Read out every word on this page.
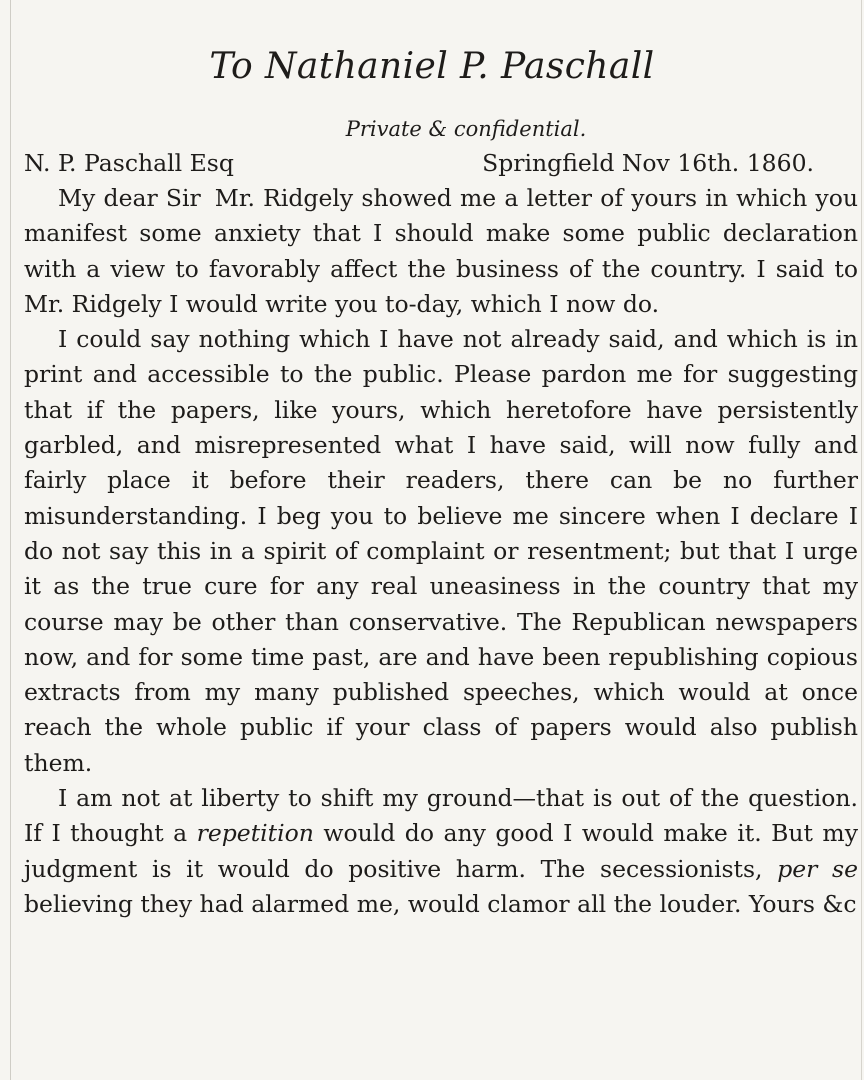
To Nathaniel P. Paschall
Private & confidential.
N. P. Paschall Esq	Springfield Nov 16th. 1860.

My dear Sir Mr. Ridgely showed me a letter of yours in which you manifest some anxiety that I should make some public declaration with a view to favorably affect the business of the country. I said to Mr. Ridgely I would write you to-day, which I now do.

I could say nothing which I have not already said, and which is in print and accessible to the public. Please pardon me for suggesting that if the papers, like yours, which heretofore have persistently garbled, and misrepresented what I have said, will now fully and fairly place it before their readers, there can be no further misunderstanding. I beg you to believe me sincere when I declare I do not say this in a spirit of complaint or resentment; but that I urge it as the true cure for any real uneasiness in the country that my course may be other than conservative. The Republican newspapers now, and for some time past, are and have been republishing copious extracts from my many published speeches, which would at once reach the whole public if your class of papers would also publish them.

I am not at liberty to shift my ground—that is out of the question. If I thought a repetition would do any good I would make it. But my judgment is it would do positive harm. The secessionists, per se believing they had alarmed me, would clamor all the louder. Yours &c
